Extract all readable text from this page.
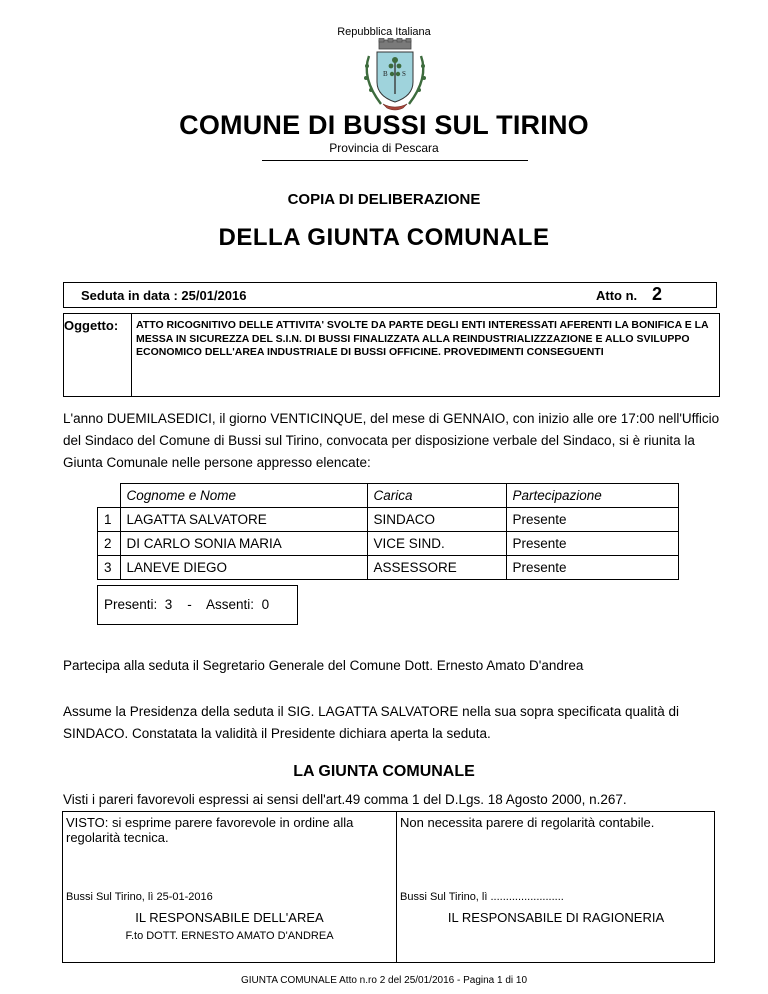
Repubblica Italiana
B S
COMUNE DI BUSSI SUL TIRINO
Provincia di Pescara
COPIA DI DELIBERAZIONE
DELLA GIUNTA COMUNALE
Seduta in data : 25/01/2016	Atto n. 2
Oggetto: ATTO RICOGNITIVO DELLE ATTIVITA' SVOLTE DA PARTE DEGLI ENTI INTERESSATI AFERENTI LA BONIFICA E LA MESSA IN SICUREZZA DEL S.I.N. DI BUSSI FINALIZZATA ALLA REINDUSTRIALIZZZAZIONE E ALLO SVILUPPO ECONOMICO DELL'AREA INDUSTRIALE DI BUSSI OFFICINE. PROVEDIMENTI CONSEGUENTI
L'anno DUEMILASEDICI, il giorno VENTICINQUE, del mese di GENNAIO, con inizio alle ore 17:00 nell'Ufficio del Sindaco del Comune di Bussi sul Tirino, convocata per disposizione verbale del Sindaco, si è riunita la Giunta Comunale nelle persone appresso elencate:
	Cognome e Nome	Carica	Partecipazione
1	LAGATTA SALVATORE	SINDACO	Presente
2	DI CARLO SONIA MARIA	VICE SIND.	Presente
3	LANEVE DIEGO	ASSESSORE	Presente
Presenti:  3    -    Assenti:  0
Partecipa alla seduta il Segretario Generale del Comune Dott. Ernesto Amato D'andrea
Assume la Presidenza della seduta il SIG. LAGATTA SALVATORE nella sua sopra specificata qualità di SINDACO. Constatata la validità il Presidente dichiara aperta la seduta.
LA GIUNTA COMUNALE
Visti i pareri favorevoli espressi ai sensi dell'art.49 comma 1 del D.Lgs. 18 Agosto 2000, n.267.
VISTO: si esprime parere favorevole in ordine alla regolarità tecnica.
Non necessita parere di regolarità contabile.
Bussi Sul Tirino, lì 25-01-2016	Bussi Sul Tirino, lì ........................
IL RESPONSABILE DELL'AREA	IL RESPONSABILE DI RAGIONERIA
F.to DOTT. ERNESTO AMATO D'ANDREA
GIUNTA COMUNALE Atto n.ro 2 del 25/01/2016 - Pagina 1 di 10
